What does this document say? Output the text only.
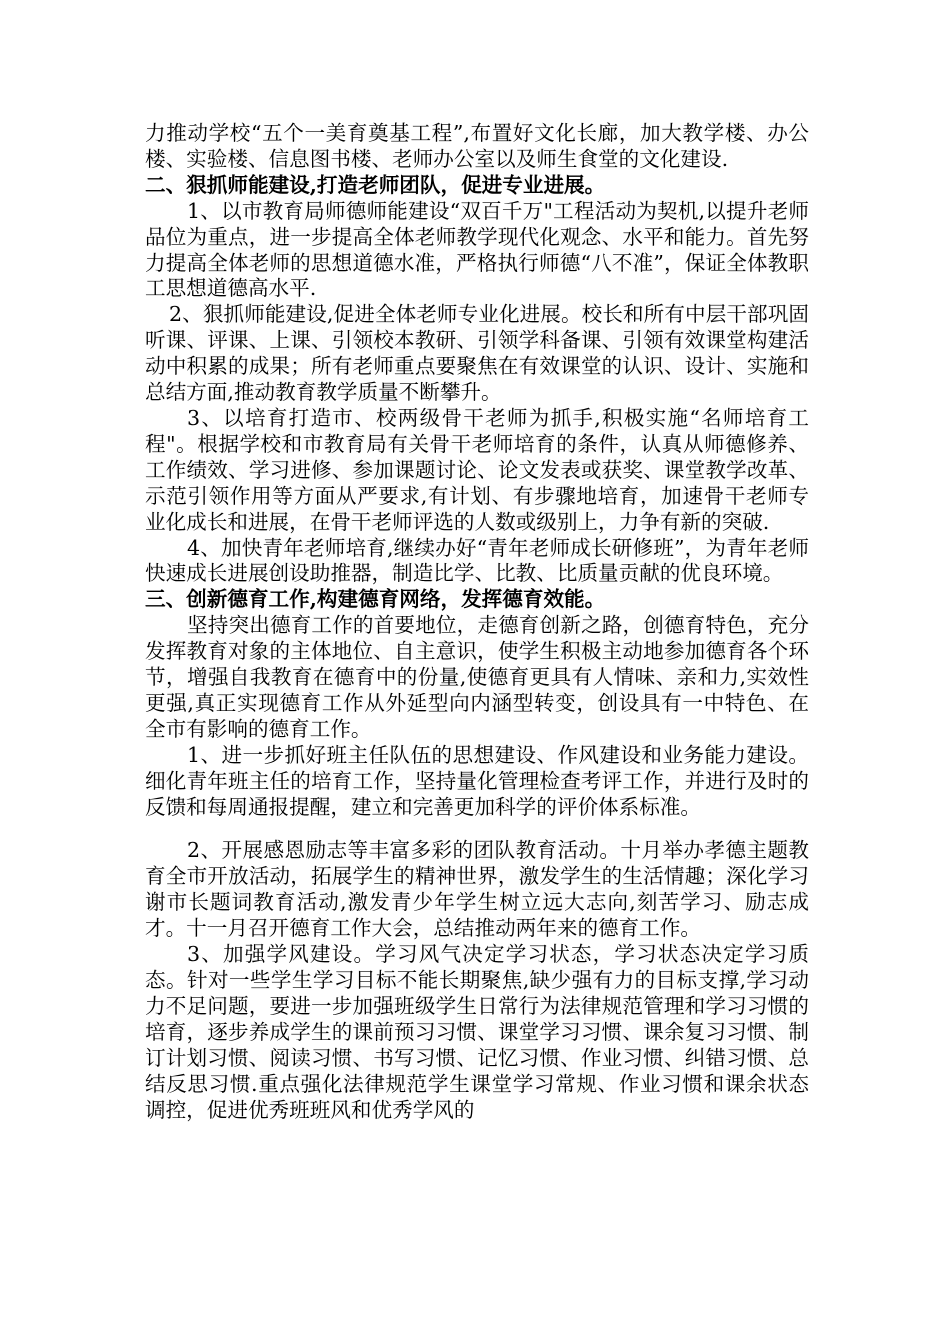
力推动学校“五个一美育奠基工程”,布置好文化长廊，加大教学楼、办公楼、实验楼、信息图书楼、老师办公室以及师生食堂的文化建设.

二、狠抓师能建设,打造老师团队，促进专业进展。

1、以市教育局师德师能建设“双百千万"工程活动为契机,以提升老师品位为重点，进一步提高全体老师教学现代化观念、水平和能力。首先努力提高全体老师的思想道德水准，严格执行师德“八不准”，保证全体教职工思想道德高水平.

2、狠抓师能建设,促进全体老师专业化进展。校长和所有中层干部巩固听课、评课、上课、引领校本教研、引领学科备课、引领有效课堂构建活动中积累的成果；所有老师重点要聚焦在有效课堂的认识、设计、实施和总结方面,推动教育教学质量不断攀升。

3、以培育打造市、校两级骨干老师为抓手,积极实施“名师培育工程"。根据学校和市教育局有关骨干老师培育的条件，认真从师德修养、工作绩效、学习进修、参加课题讨论、论文发表或获奖、课堂教学改革、示范引领作用等方面从严要求,有计划、有步骤地培育，加速骨干老师专业化成长和进展，在骨干老师评选的人数或级别上，力争有新的突破.

4、加快青年老师培育,继续办好“青年老师成长研修班”，为青年老师快速成长进展创设助推器，制造比学、比教、比质量贡献的优良环境。

三、创新德育工作,构建德育网络，发挥德育效能。

坚持突出德育工作的首要地位，走德育创新之路，创德育特色，充分发挥教育对象的主体地位、自主意识，使学生积极主动地参加德育各个环节，增强自我教育在德育中的份量,使德育更具有人情味、亲和力,实效性更强,真正实现德育工作从外延型向内涵型转变，创设具有一中特色、在全市有影响的德育工作。

1、进一步抓好班主任队伍的思想建设、作风建设和业务能力建设。细化青年班主任的培育工作，坚持量化管理检查考评工作，并进行及时的反馈和每周通报提醒，建立和完善更加科学的评价体系标准。

2、开展感恩励志等丰富多彩的团队教育活动。十月举办孝德主题教育全市开放活动，拓展学生的精神世界，激发学生的生活情趣；深化学习谢市长题词教育活动,激发青少年学生树立远大志向,刻苦学习、励志成才。十一月召开德育工作大会，总结推动两年来的德育工作。

3、加强学风建设。学习风气决定学习状态，学习状态决定学习质态。针对一些学生学习目标不能长期聚焦,缺少强有力的目标支撑,学习动力不足问题，要进一步加强班级学生日常行为法律规范管理和学习习惯的培育，逐步养成学生的课前预习习惯、课堂学习习惯、课余复习习惯、制订计划习惯、阅读习惯、书写习惯、记忆习惯、作业习惯、纠错习惯、总结反思习惯.重点强化法律规范学生课堂学习常规、作业习惯和课余状态调控，促进优秀班班风和优秀学风的
